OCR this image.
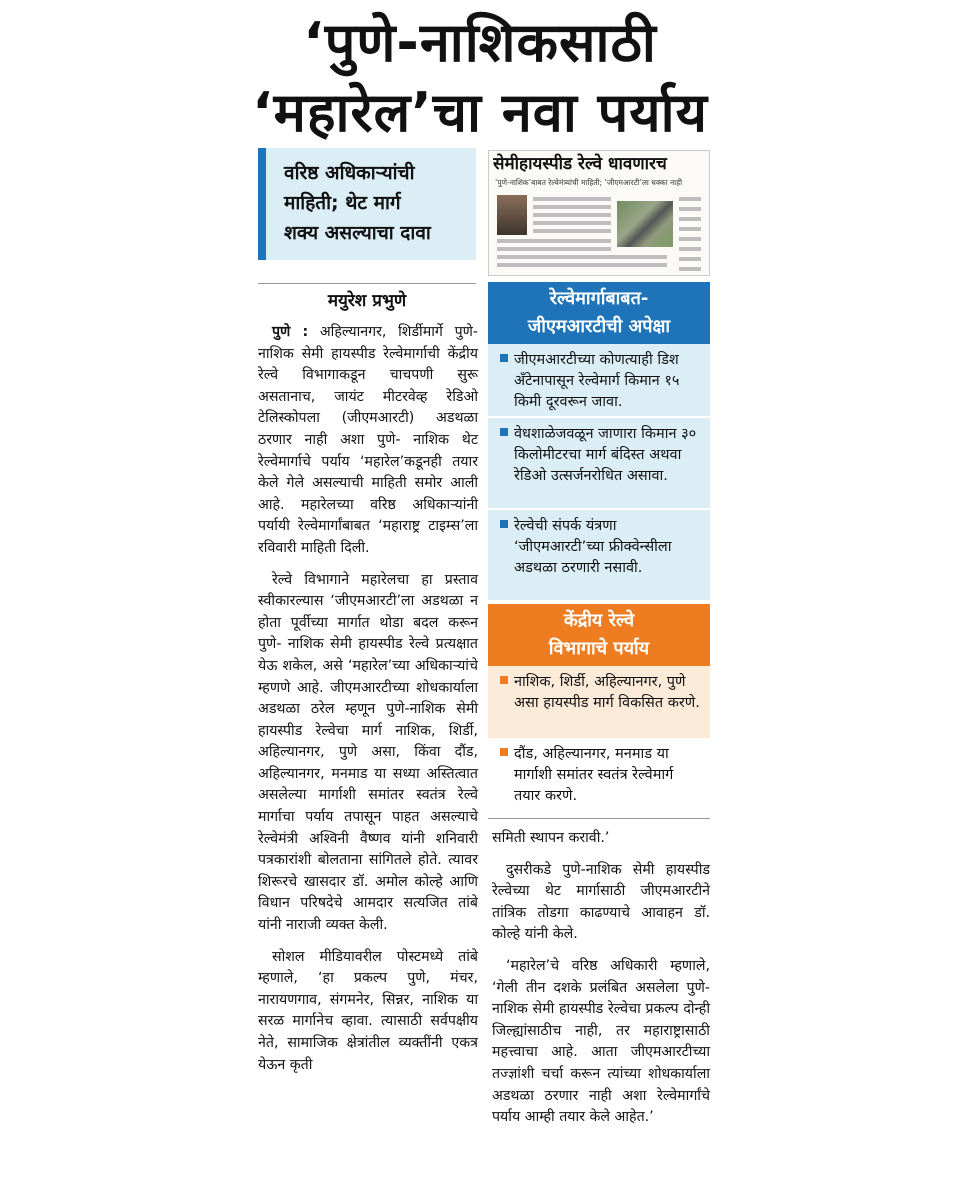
‘पुणे-नाशिकसाठी
‘महारेल’चा नवा पर्याय
वरिष्ठ अधिकाऱ्यांची
माहिती; थेट मार्ग
शक्य असल्याचा दावा
मयुरेश प्रभुणे

पुणे : अहिल्यानगर, शिर्डीमार्गे पुणे- नाशिक सेमी हायस्पीड रेल्वेमार्गाची केंद्रीय रेल्वे विभागाकडून चाचपणी सुरू असतानाच, जायंट मीटरवेव्ह रेडिओ टेलिस्कोपला (जीएमआरटी) अडथळा ठरणार नाही अशा पुणे- नाशिक थेट रेल्वेमार्गाचे पर्याय ‘महारेल’कडूनही तयार केले गेले असल्याची माहिती समोर आली आहे. महारेलच्या वरिष्ठ अधिकाऱ्यांनी पर्यायी रेल्वेमार्गांबाबत ‘महाराष्ट्र टाइम्स’ला रविवारी माहिती दिली.

रेल्वे विभागाने महारेलचा हा प्रस्ताव स्वीकारल्यास ‘जीएमआरटी’ला अडथळा न होता पूर्वीच्या मार्गात थोडा बदल करून पुणे- नाशिक सेमी हायस्पीड रेल्वे प्रत्यक्षात येऊ शकेल, असे ‘महारेल’च्या अधिकाऱ्यांचे म्हणणे आहे. जीएमआरटीच्या शोधकार्याला अडथळा ठरेल म्हणून पुणे-नाशिक सेमी हायस्पीड रेल्वेचा मार्ग नाशिक, शिर्डी, अहिल्यानगर, पुणे असा, किंवा दौंड, अहिल्यानगर, मनमाड या सध्या अस्तित्वात असलेल्या मार्गाशी समांतर स्वतंत्र रेल्वे मार्गाचा पर्याय तपासून पाहत असल्याचे रेल्वेमंत्री अश्विनी वैष्णव यांनी शनिवारी पत्रकारांशी बोलताना सांगितले होते. त्यावर शिरूरचे खासदार डॉ. अमोल कोल्हे आणि विधान परिषदेचे आमदार सत्यजित तांबे यांनी नाराजी व्यक्त केली.

सोशल मीडियावरील पोस्टमध्ये तांबे म्हणाले, ‘हा प्रकल्प पुणे, मंचर, नारायणगाव, संगमनेर, सिन्नर, नाशिक या सरळ मार्गानेच व्हावा. त्यासाठी सर्वपक्षीय नेते, सामाजिक क्षेत्रांतील व्यक्तींनी एकत्र येऊन कृती

सेमीहायस्पीड रेल्वे धावणारच
‘पुणे-नाशिक’बाबत रेल्वेमंत्र्यांची माहिती; ‘जीएमआरटी’ला धक्का नाही
रेल्वेमार्गाबाबत-
जीएमआरटीची अपेक्षा
जीएमआरटीच्या कोणत्याही डिश अँटेनापासून रेल्वेमार्ग किमान १५ किमी दूरवरून जावा.
वेधशाळेजवळून जाणारा किमान ३० किलोमीटरचा मार्ग बंदिस्त अथवा रेडिओ उत्सर्जनरोधित असावा.
रेल्वेची संपर्क यंत्रणा ‘जीएमआरटी’च्या फ्रीक्वेन्सीला अडथळा ठरणारी नसावी.
केंद्रीय रेल्वे
विभागाचे पर्याय
नाशिक, शिर्डी, अहिल्यानगर, पुणे असा हायस्पीड मार्ग विकसित करणे.
दौंड, अहिल्यानगर, मनमाड या मार्गाशी समांतर स्वतंत्र रेल्वेमार्ग तयार करणे.

समिती स्थापन करावी.’

दुसरीकडे पुणे-नाशिक सेमी हायस्पीड रेल्वेच्या थेट मार्गासाठी जीएमआरटीने तांत्रिक तोडगा काढण्याचे आवाहन डॉ. कोल्हे यांनी केले.

‘महारेल’चे वरिष्ठ अधिकारी म्हणाले, ‘गेली तीन दशके प्रलंबित असलेला पुणे- नाशिक सेमी हायस्पीड रेल्वेचा प्रकल्प दोन्ही जिल्ह्यांसाठीच नाही, तर महाराष्ट्रासाठी महत्त्वाचा आहे. आता जीएमआरटीच्या तज्ज्ञांशी चर्चा करून त्यांच्या शोधकार्याला अडथळा ठरणार नाही अशा रेल्वेमार्गांचे पर्याय आम्ही तयार केले आहेत.’
